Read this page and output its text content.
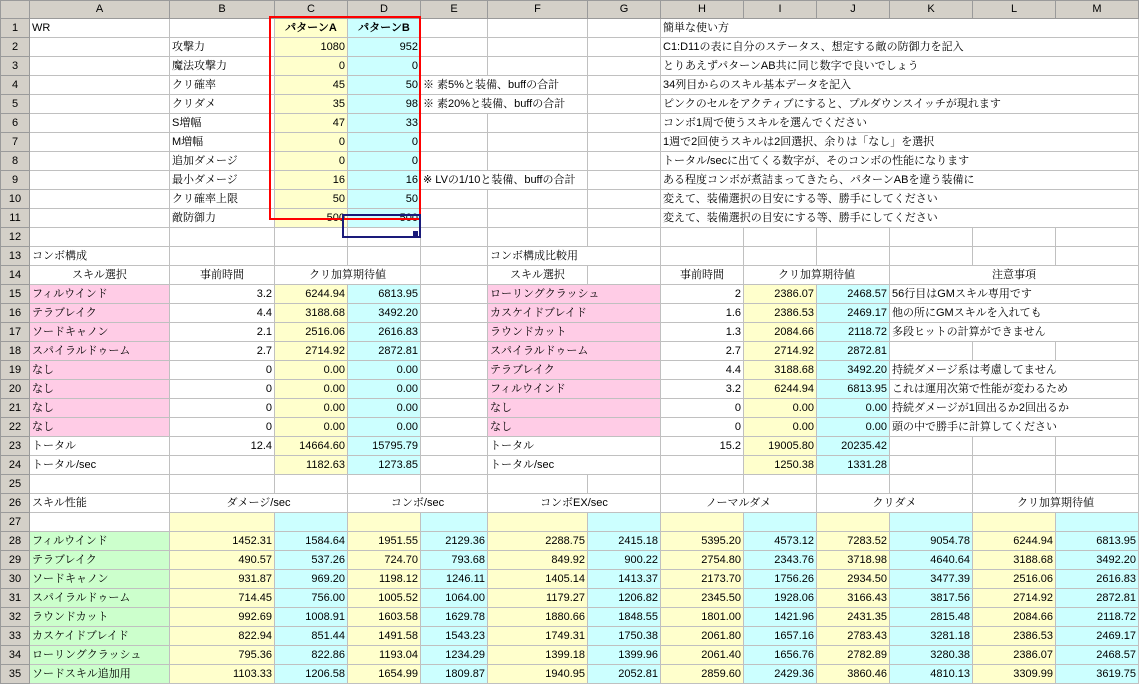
	A	B	C	D	E	F	G	H	I	J	K	L	M
1	WR		パターンA	パターンB				簡単な使い方					
2		攻撃力	1080	952				C1:D11の表に自分のステータス、想定する敵の防御力を記入					
3		魔法攻撃力	0	0				とりあえずパターンAB共に同じ数字で良いでしょう					
4		クリ確率	45	50	※ 素5%と装備、buffの合計			34列目からのスキル基本データを記入					
5		クリダメ	35	98	※ 素20%と装備、buffの合計			ピンクのセルをアクティブにすると、プルダウンスイッチが現れます					
6		S増幅	47	33				コンボ1周で使うスキルを選んでください					
7		M増幅	0	0				1週で2回使うスキルは2回選択、余りは「なし」を選択					
8		追加ダメージ	0	0				トータル/secに出てくる数字が、そのコンボの性能になります					
9		最小ダメージ	16	16	※ LVの1/10と装備、buffの合計			ある程度コンボが煮詰まってきたら、パターンABを違う装備に					
10		クリ確率上限	50	50				変えて、装備選択の目安にする等、勝手にしてください					
11		敵防御力	500	500				変えて、装備選択の目安にする等、勝手にしてください					
12													
13	コンボ構成					コンボ構成比較用							
14	スキル選択	事前時間	クリ加算期待値			スキル選択		事前時間	クリ加算期待値		注意事項		
15	フィルウインド	3.2	6244.94	6813.95		ローリングクラッシュ		2	2386.07	2468.57	56行目はGMスキル専用です		
16	テラブレイク	4.4	3188.68	3492.20		カスケイドブレイド		1.6	2386.53	2469.17	他の所にGMスキルを入れても		
17	ソードキャノン	2.1	2516.06	2616.83		ラウンドカット		1.3	2084.66	2118.72	多段ヒットの計算ができません		
18	スパイラルドゥーム	2.7	2714.92	2872.81		スパイラルドゥーム		2.7	2714.92	2872.81			
19	なし	0	0.00	0.00		テラブレイク		4.4	3188.68	3492.20	持続ダメージ系は考慮してません		
20	なし	0	0.00	0.00		フィルウインド		3.2	6244.94	6813.95	これは運用次第で性能が変わるため		
21	なし	0	0.00	0.00		なし		0	0.00	0.00	持続ダメージが1回出るか2回出るか		
22	なし	0	0.00	0.00		なし		0	0.00	0.00	頭の中で勝手に計算してください		
23	トータル	12.4	14664.60	15795.79		トータル		15.2	19005.80	20235.42			
24	トータル/sec		1182.63	1273.85		トータル/sec			1250.38	1331.28			
25													
26	スキル性能	ダメージ/sec		コンボ/sec		コンボEX/sec		ノーマルダメ		クリダメ		クリ加算期待値	
27													
28	フィルウインド	1452.31	1584.64	1951.55	2129.36	2288.75	2415.18	5395.20	4573.12	7283.52	9054.78	6244.94	6813.95
29	テラブレイク	490.57	537.26	724.70	793.68	849.92	900.22	2754.80	2343.76	3718.98	4640.64	3188.68	3492.20
30	ソードキャノン	931.87	969.20	1198.12	1246.11	1405.14	1413.37	2173.70	1756.26	2934.50	3477.39	2516.06	2616.83
31	スパイラルドゥーム	714.45	756.00	1005.52	1064.00	1179.27	1206.82	2345.50	1928.06	3166.43	3817.56	2714.92	2872.81
32	ラウンドカット	992.69	1008.91	1603.58	1629.78	1880.66	1848.55	1801.00	1421.96	2431.35	2815.48	2084.66	2118.72
33	カスケイドブレイド	822.94	851.44	1491.58	1543.23	1749.31	1750.38	2061.80	1657.16	2783.43	3281.18	2386.53	2469.17
34	ローリングクラッシュ	795.36	822.86	1193.04	1234.29	1399.18	1399.96	2061.40	1656.76	2782.89	3280.38	2386.07	2468.57
35	ソードスキル追加用	1103.33	1206.58	1654.99	1809.87	1940.95	2052.81	2859.60	2429.36	3860.46	4810.13	3309.99	3619.75
